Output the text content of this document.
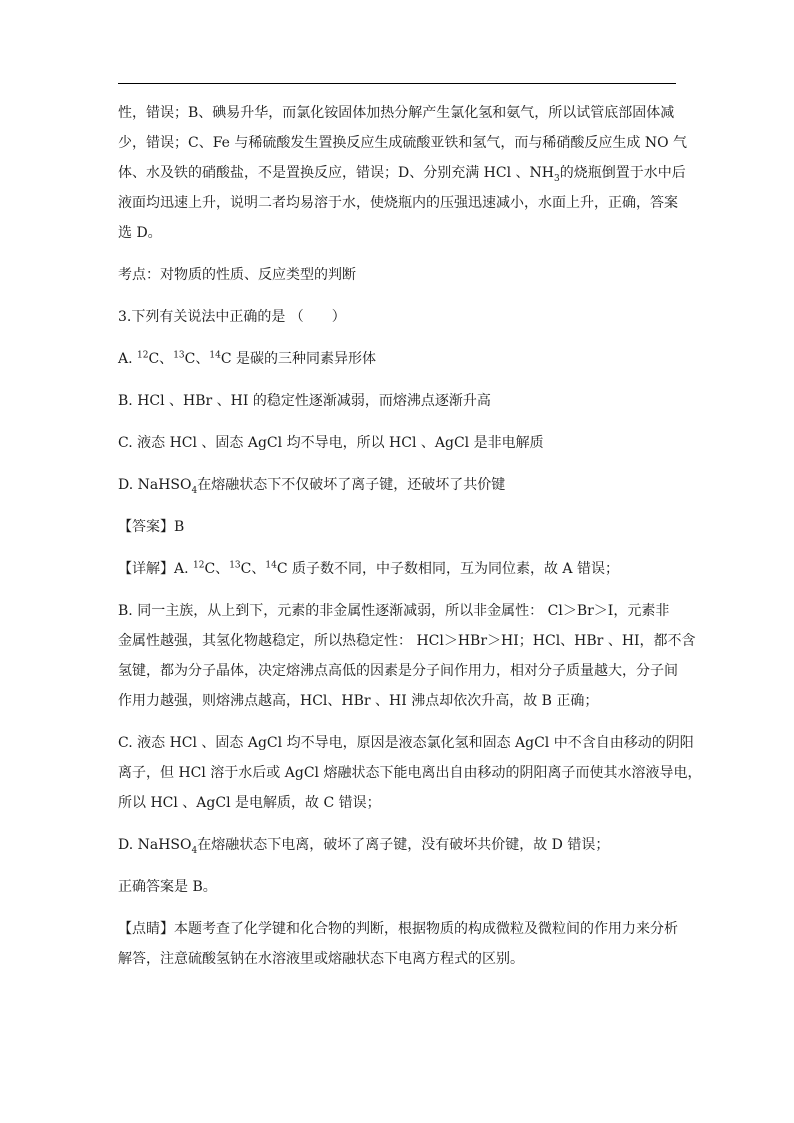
性，错误；B、碘易升华，而氯化铵固体加热分解产生氯化氢和氨气，所以试管底部固体减

少，错误；C、Fe 与稀硫酸发生置换反应生成硫酸亚铁和氢气，而与稀硝酸反应生成 NO 气

体、水及铁的硝酸盐，不是置换反应，错误；D、分别充满 HCl 、$NH_3$的烧瓶倒置于水中后

液面均迅速上升，说明二者均易溶于水，使烧瓶内的压强迅速减小，水面上升，正确，答案

选 D。

考点：对物质的性质、反应类型的判断

3.下列有关说法中正确的是 （　　）

A. $^{12}$C、$^{13}$C、$^{14}$C 是碳的三种同素异形体

B. HCl 、HBr 、HI 的稳定性逐渐减弱，而熔沸点逐渐升高

C. 液态 HCl 、固态 AgCl 均不导电，所以 HCl 、AgCl 是非电解质

D. NaHSO$_4$在熔融状态下不仅破坏了离子键，还破坏了共价键

【答案】B

【详解】A. $^{12}$C、$^{13}$C、$^{14}$C 质子数不同，中子数相同，互为同位素，故 A 错误；

B. 同一主族，从上到下，元素的非金属性逐渐减弱，所以非金属性： Cl＞Br＞I，元素非

金属性越强，其氢化物越稳定，所以热稳定性： HCl＞HBr＞HI；HCl、HBr 、HI，都不含

氢键，都为分子晶体，决定熔沸点高低的因素是分子间作用力，相对分子质量越大，分子间

作用力越强，则熔沸点越高，HCl、HBr 、HI 沸点却依次升高，故 B 正确；

C. 液态 HCl 、固态 AgCl 均不导电，原因是液态氯化氢和固态 AgCl 中不含自由移动的阴阳

离子，但 HCl 溶于水后或 AgCl 熔融状态下能电离出自由移动的阴阳离子而使其水溶液导电，

所以 HCl 、AgCl 是电解质，故 C 错误；

D. NaHSO$_4$在熔融状态下电离，破坏了离子键，没有破坏共价键，故 D 错误；

正确答案是 B。

【点睛】本题考查了化学键和化合物的判断，根据物质的构成微粒及微粒间的作用力来分析

解答，注意硫酸氢钠在水溶液里或熔融状态下电离方程式的区别。
